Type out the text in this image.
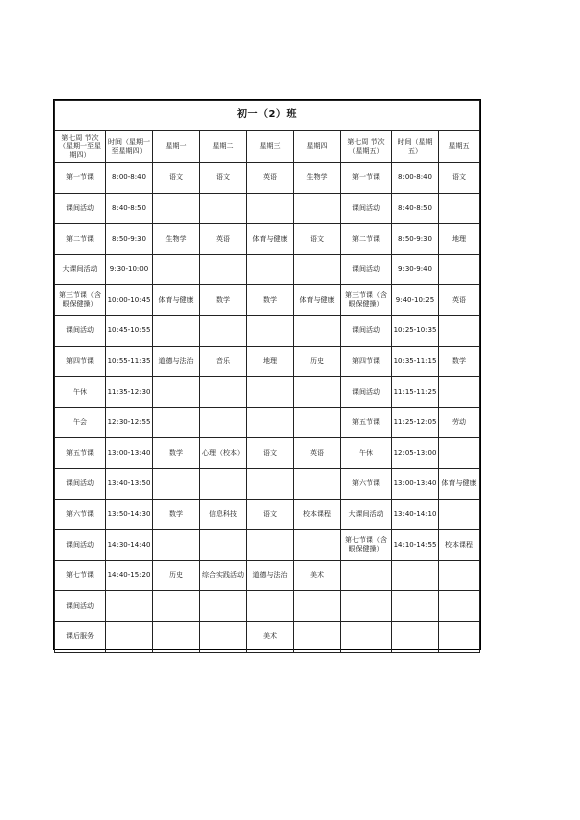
初一（2）班								
第七周 节次（星期一至星期四）	时间（星期一至星期四）	星期一	星期二	星期三	星期四	第七周 节次（星期五）	时间（星期五）	星期五
第一节课	8:00-8:40	语文	语文	英语	生物学	第一节课	8:00-8:40	语文
课间活动	8:40-8:50					课间活动	8:40-8:50	
第二节课	8:50-9:30	生物学	英语	体育与健康	语文	第二节课	8:50-9:30	地理
大课间活动	9:30-10:00					课间活动	9:30-9:40	
第三节课（含眼保健操）	10:00-10:45	体育与健康	数学	数学	体育与健康	第三节课（含眼保健操）	9:40-10:25	英语
课间活动	10:45-10:55					课间活动	10:25-10:35	
第四节课	10:55-11:35	道德与法治	音乐	地理	历史	第四节课	10:35-11:15	数学
午休	11:35-12:30					课间活动	11:15-11:25	
午会	12:30-12:55					第五节课	11:25-12:05	劳动
第五节课	13:00-13:40	数学	心理（校本）	语文	英语	午休	12:05-13:00	
课间活动	13:40-13:50					第六节课	13:00-13:40	体育与健康
第六节课	13:50-14:30	数学	信息科技	语文	校本课程	大课间活动	13:40-14:10	
课间活动	14:30-14:40					第七节课（含眼保健操）	14:10-14:55	校本课程
第七节课	14:40-15:20	历史	综合实践活动	道德与法治	美术			
课间活动								
课后服务				美术				
